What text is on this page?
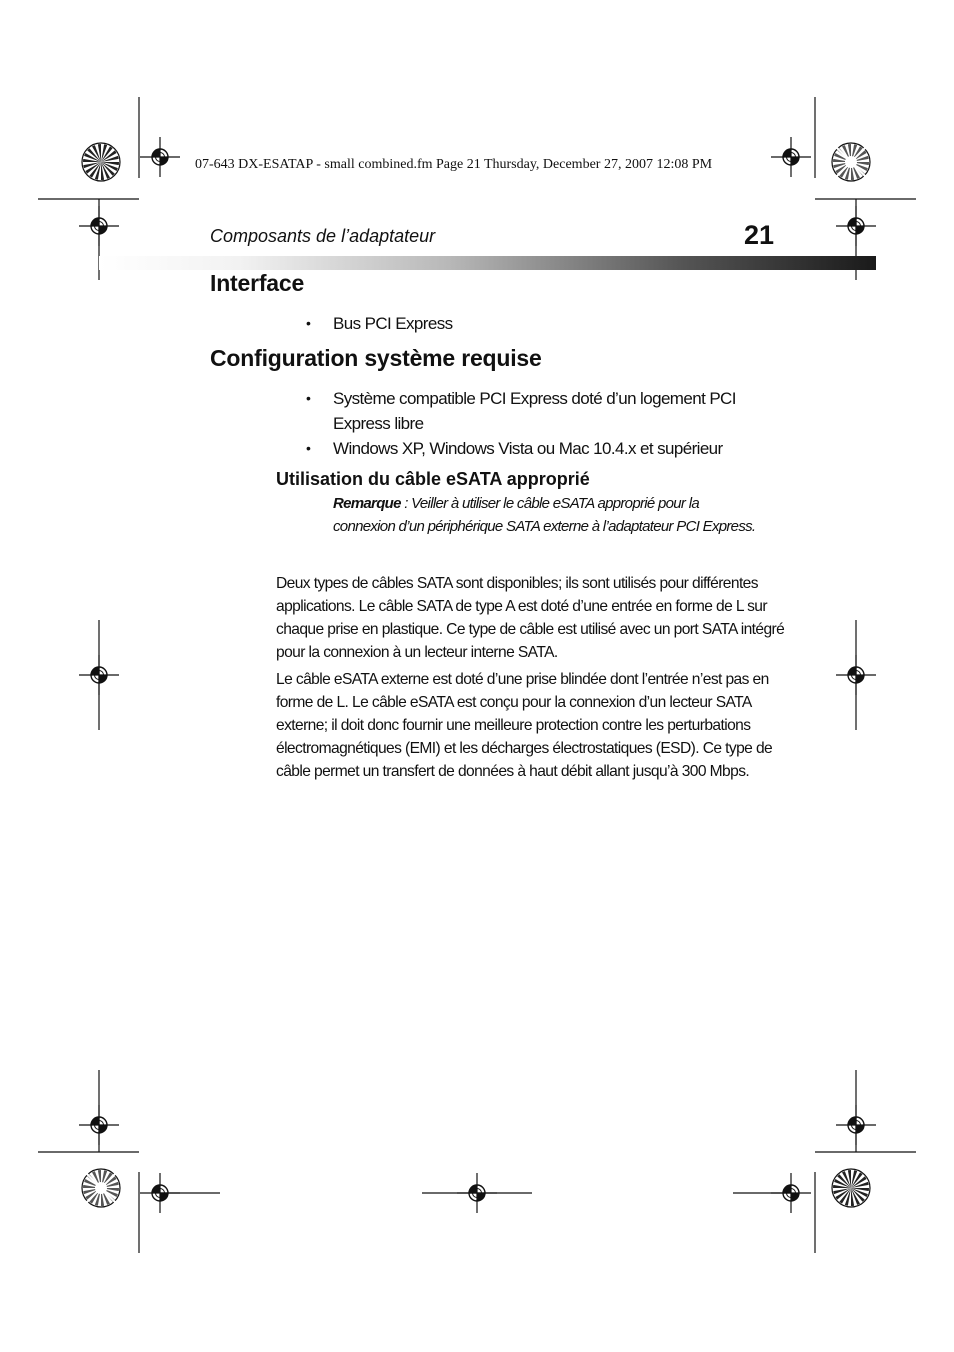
07-643 DX-ESATAP - small combined.fm Page 21 Thursday, December 27, 2007 12:08 PM
Composants de l’adaptateur	21
Interface
• Bus PCI Express
Configuration système requise
• Système compatible PCI Express doté d’un logement PCI Express libre
• Windows XP, Windows Vista ou Mac 10.4.x et supérieur
Utilisation du câble eSATA approprié
Remarque : Veiller à utiliser le câble eSATA approprié pour la connexion d’un périphérique SATA externe à l’adaptateur PCI Express.

Deux types de câbles SATA sont disponibles; ils sont utilisés pour différentes applications. Le câble SATA de type A est doté d’une entrée en forme de L sur chaque prise en plastique. Ce type de câble est utilisé avec un port SATA intégré pour la connexion à un lecteur interne SATA.

Le câble eSATA externe est doté d’une prise blindée dont l’entrée n’est pas en forme de L. Le câble eSATA est conçu pour la connexion d’un lecteur SATA externe; il doit donc fournir une meilleure protection contre les perturbations électromagnétiques (EMI) et les décharges électrostatiques (ESD). Ce type de câble permet un transfert de données à haut débit allant jusqu’à 300 Mbps.
